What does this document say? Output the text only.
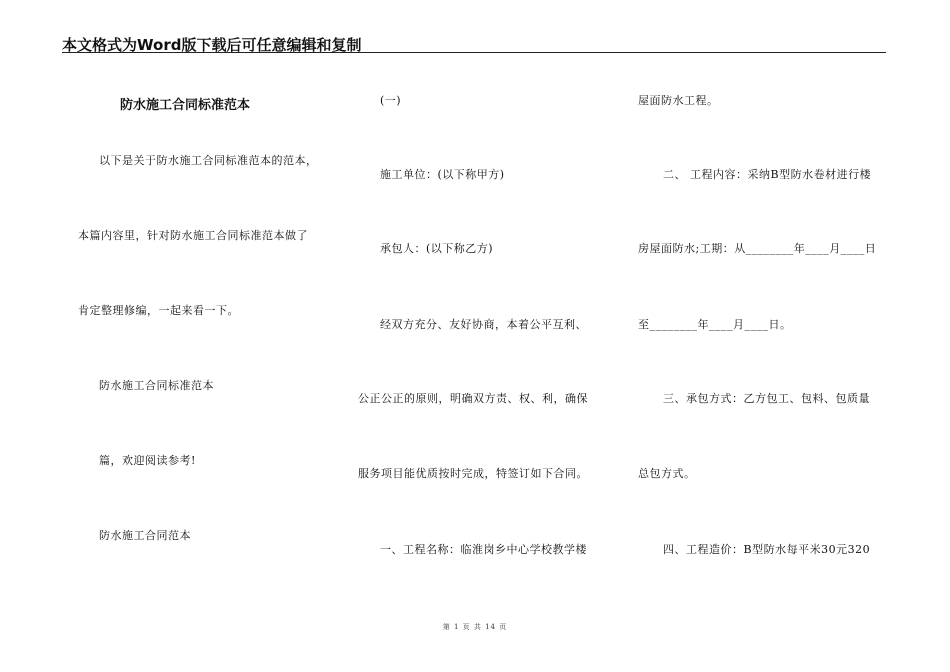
本文格式为Word版下载后可任意编辑和复制
防水施工合同标准范本
以下是关于防水施工合同标准范本的范本，
本篇内容里，针对防水施工合同标准范本做了
肯定整理修编，一起来看一下。
防水施工合同标准范本
篇，欢迎阅读参考!
防水施工合同范本
(一)
施工单位：(以下称甲方)
承包人：(以下称乙方)
经双方充分、友好协商，本着公平互利、
公正公正的原则，明确双方责、权、利，确保
服务项目能优质按时完成，特签订如下合同。
一、工程名称：临淮岗乡中心学校教学楼
屋面防水工程。
二、 工程内容：采纳B型防水卷材进行楼
房屋面防水;工期：从________年____月____日
至________年____月____日。
三、承包方式：乙方包工、包料、包质量
总包方式。
四、工程造价：B型防水每平米30元320
第 1 页 共 14 页
